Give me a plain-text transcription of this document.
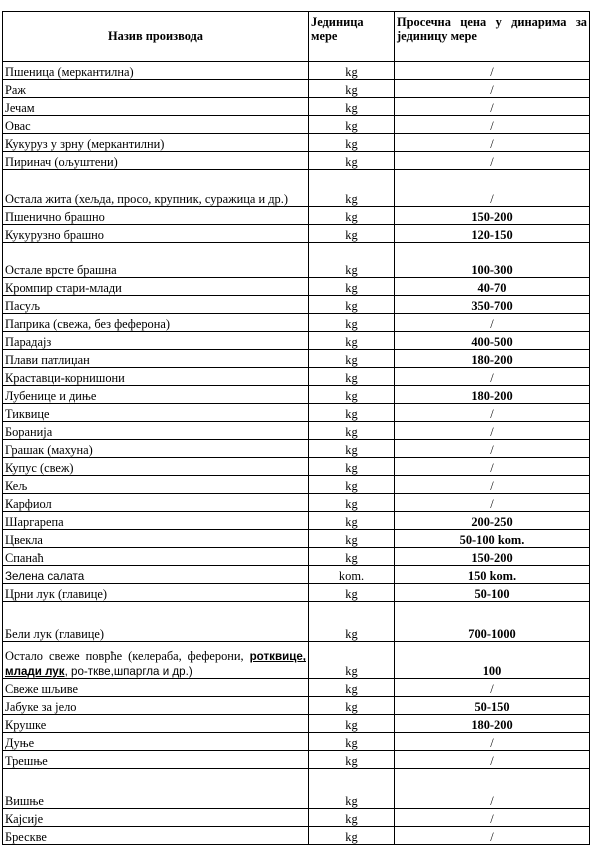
Назив производа	Јединица мере	Просечна цена у динарима за јединицу мере
Пшеница (меркантилна)	kg	/
Раж	kg	/
Јечам	kg	/
Овас	kg	/
Кукуруз у зрну (меркантилни)	kg	/
Пиринач (ољуштени)	kg	/
Остала жита (хељда, просо, крупник, суражица и др.)	kg	/
Пшенично брашно	kg	150-200
Кукурузно брашно	kg	120-150
Остале врсте брашна	kg	100-300
Кромпир стари-млади	kg	40-70
Пасуљ	kg	350-700
Паприка (свежа, без феферона)	kg	/
Парадајз	kg	400-500
Плави патлиџан	kg	180-200
Краставци-корнишони	kg	/
Лубенице и диње	kg	180-200
Тиквице	kg	/
Боранија	kg	/
Грашак (махуна)	kg	/
Купус (свеж)	kg	/
Кељ	kg	/
Карфиол	kg	/
Шаргарепа	kg	200-250
Цвекла	kg	50-100 kom.
Спанаћ	kg	150-200
Зелена салата	kom.	150 kom.
Црни лук (главице)	kg	50-100
Бели лук (главице)	kg	700-1000
Остало свеже поврће (келераба, феферони, ротквице, млади лук, ро-ткве,шпаргла и др.)	kg	100
Свеже шљиве	kg	/
Јабуке за јело	kg	50-150
Крушке	kg	180-200
Дуње	kg	/
Трешње	kg	/
Вишње	kg	/
Кајсије	kg	/
Брескве	kg	/
